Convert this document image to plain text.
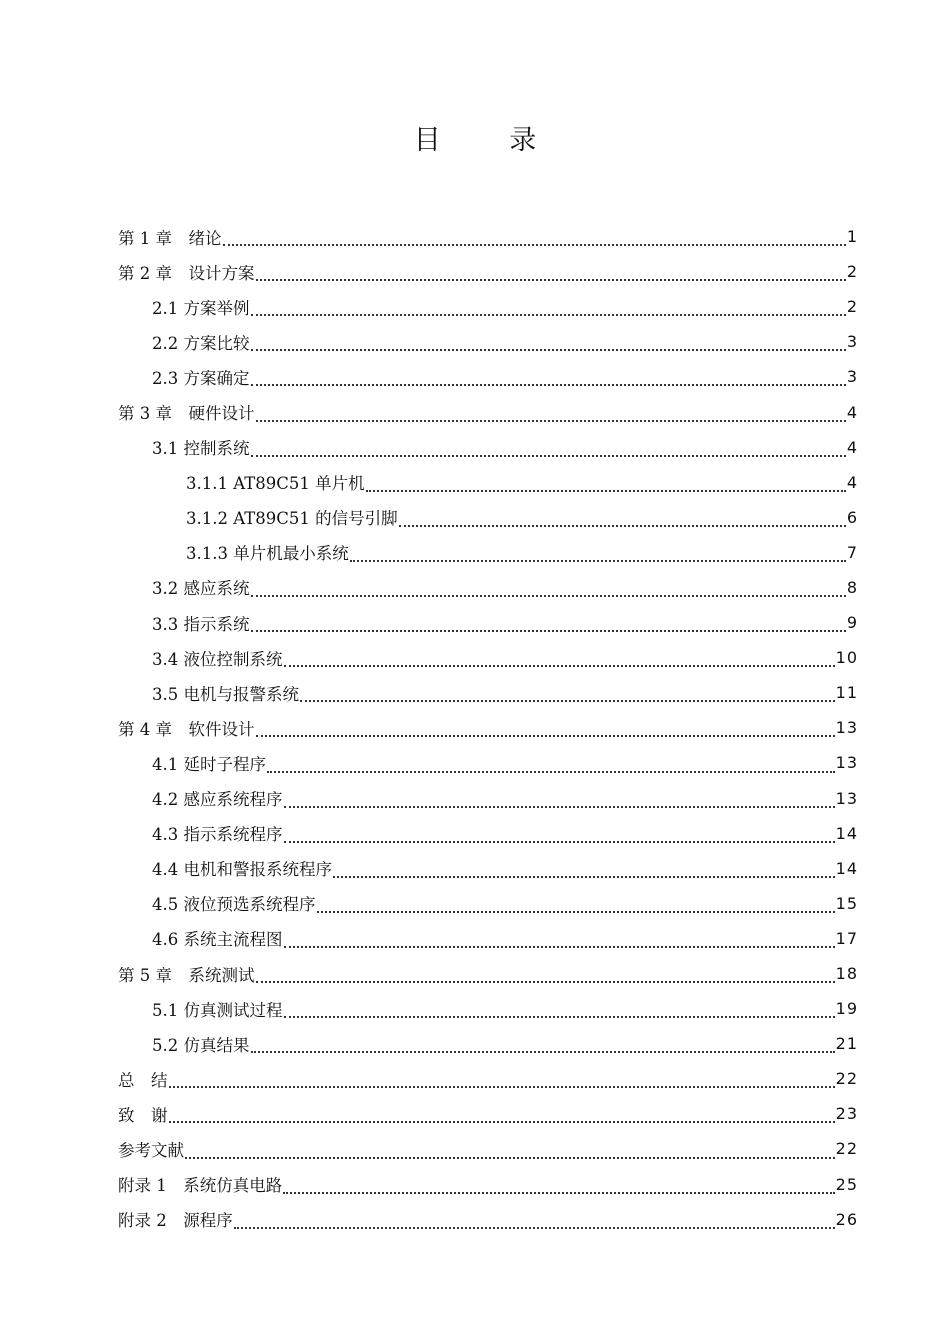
目 录
第 1 章　绪论	1
第 2 章　设计方案	2
2.1 方案举例	2
2.2 方案比较	3
2.3 方案确定	3
第 3 章　硬件设计	4
3.1 控制系统	4
3.1.1 AT89C51 单片机	4
3.1.2 AT89C51 的信号引脚	6
3.1.3 单片机最小系统	7
3.2 感应系统	8
3.3 指示系统	9
3.4 液位控制系统	10
3.5 电机与报警系统	11
第 4 章　软件设计	13
4.1 延时子程序	13
4.2 感应系统程序	13
4.3 指示系统程序	14
4.4 电机和警报系统程序	14
4.5 液位预选系统程序	15
4.6 系统主流程图	17
第 5 章　系统测试	18
5.1 仿真测试过程	19
5.2 仿真结果	21
总　结	22
致　谢	23
参考文献	22
附录 1　系统仿真电路	25
附录 2　源程序	26
